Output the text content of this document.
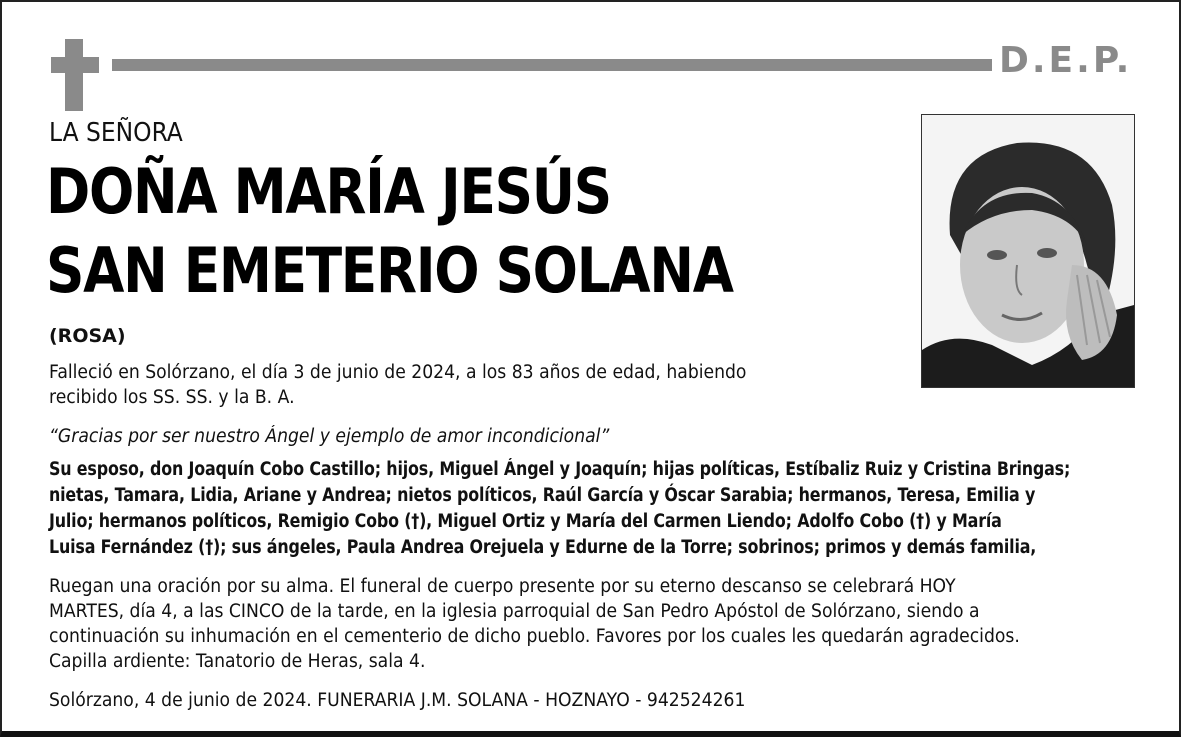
D.E.P.
LA SEÑORA
DOÑA MARÍA JESÚS
SAN EMETERIO SOLANA
(ROSA)
Falleció en Solórzano, el día 3 de junio de 2024, a los 83 años de edad, habiendo
recibido los SS. SS. y la B. A.
“Gracias por ser nuestro Ángel y ejemplo de amor incondicional”
Su esposo, don Joaquín Cobo Castillo; hijos, Miguel Ángel y Joaquín; hijas políticas, Estíbaliz Ruiz y Cristina Bringas;
nietas, Tamara, Lidia, Ariane y Andrea; nietos políticos, Raúl García y Óscar Sarabia; hermanos, Teresa, Emilia y
Julio; hermanos políticos, Remigio Cobo (†), Miguel Ortiz y María del Carmen Liendo; Adolfo Cobo (†) y María
Luisa Fernández (†); sus ángeles, Paula Andrea Orejuela y Edurne de la Torre; sobrinos; primos y demás familia,
Ruegan una oración por su alma. El funeral de cuerpo presente por su eterno descanso se celebrará HOY
MARTES, día 4, a las CINCO de la tarde, en la iglesia parroquial de San Pedro Apóstol de Solórzano, siendo a
continuación su inhumación en el cementerio de dicho pueblo. Favores por los cuales les quedarán agradecidos.
Capilla ardiente: Tanatorio de Heras, sala 4.
Solórzano, 4 de junio de 2024. FUNERARIA J.M. SOLANA - HOZNAYO - 942524261
